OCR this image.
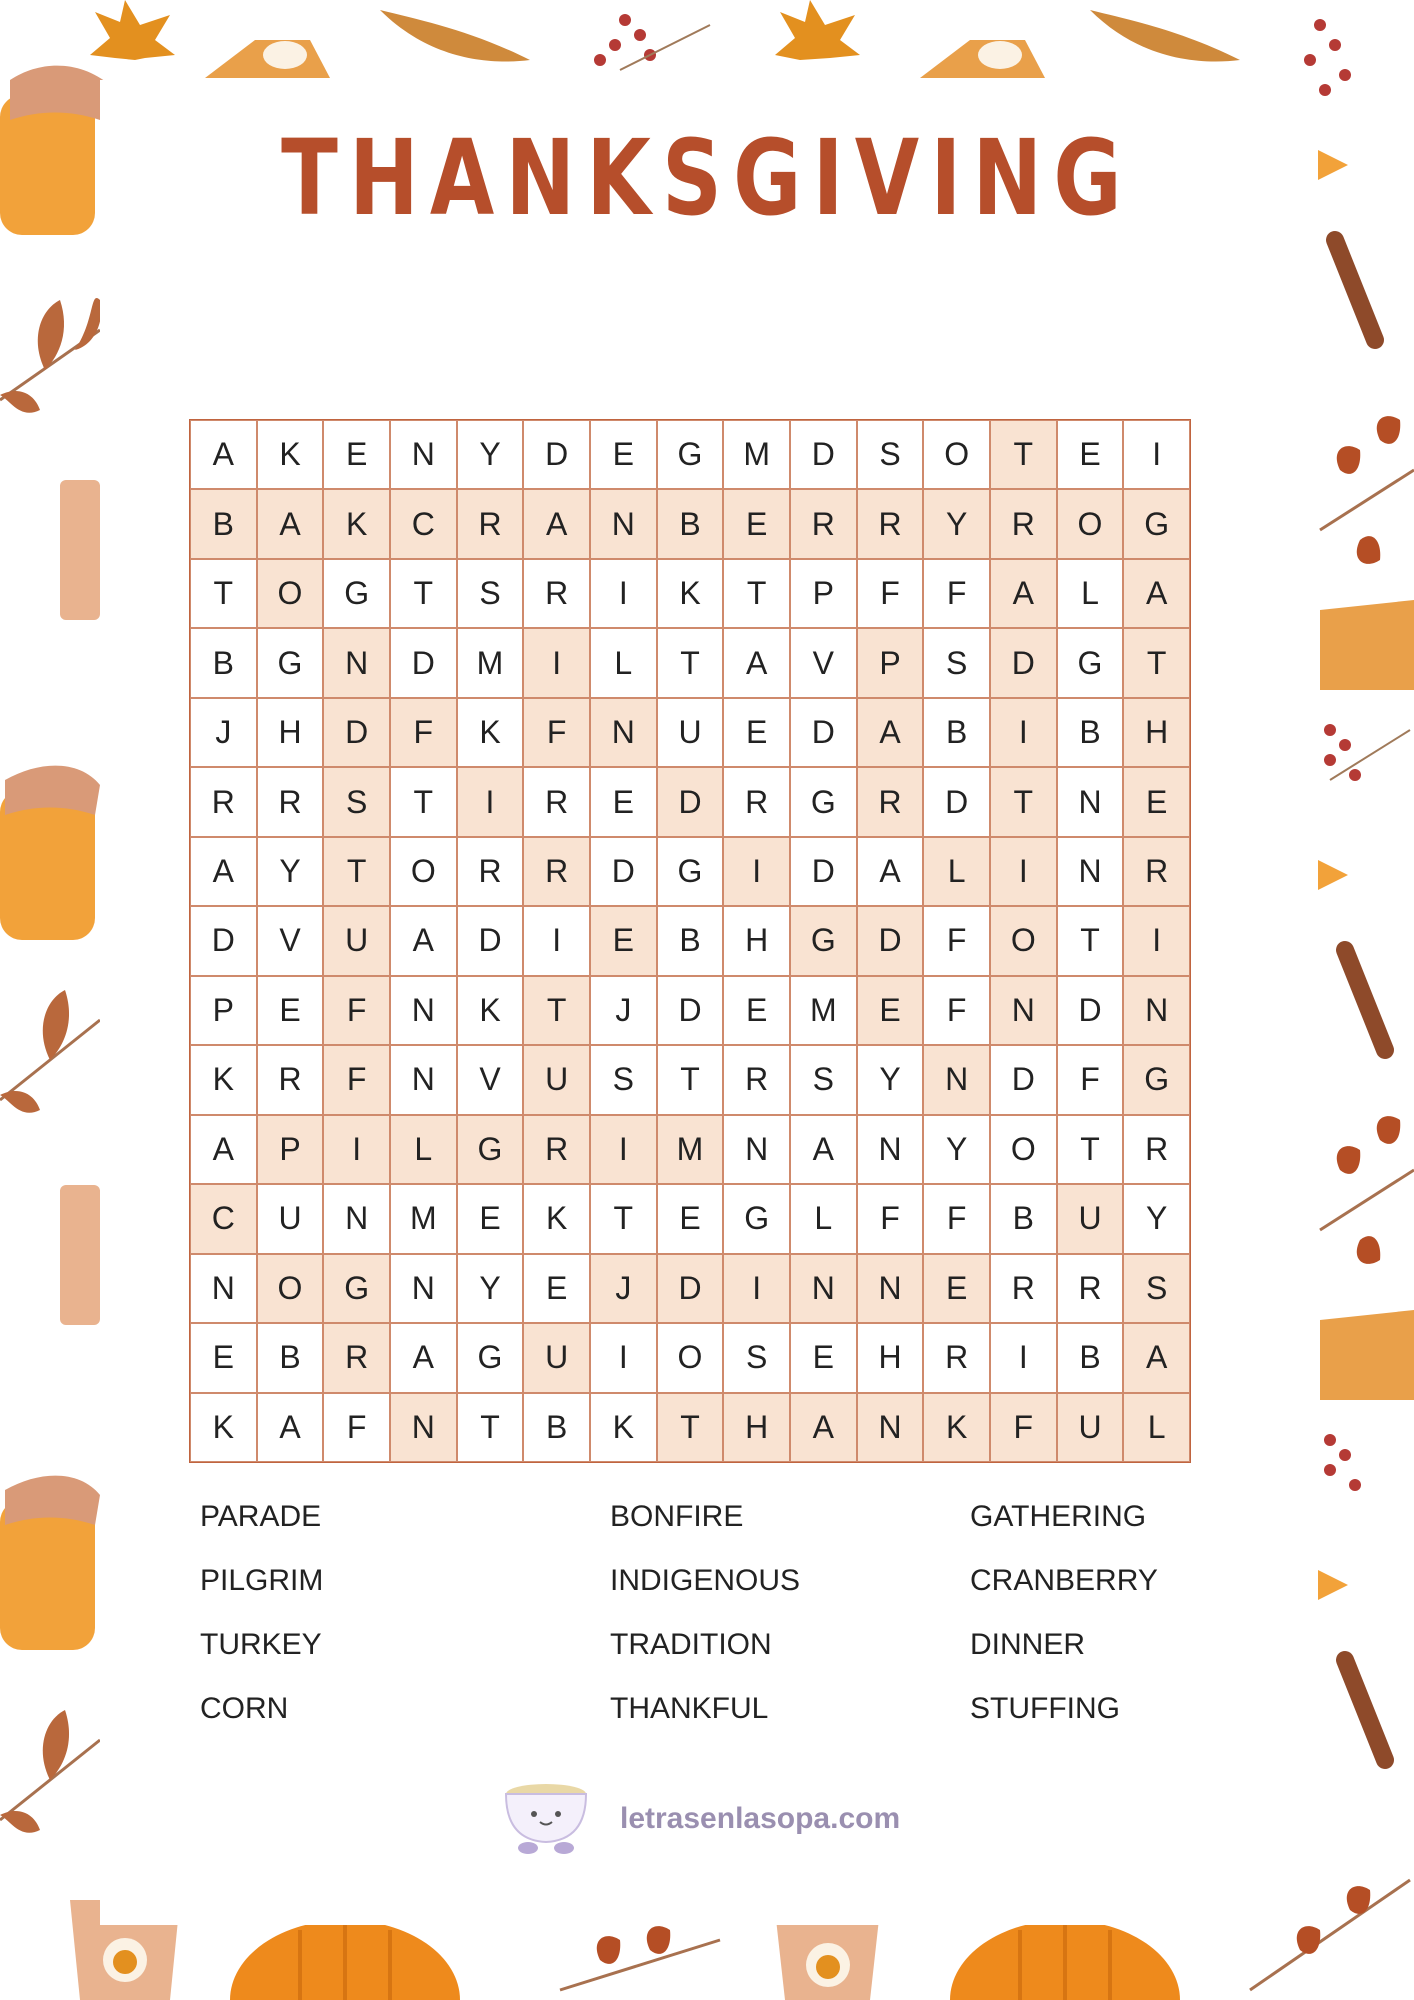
THANKSGIVING
A	K	E	N	Y	D	E	G	M	D	S	O	T	E	I
B	A	K	C	R	A	N	B	E	R	R	Y	R	O	G
T	O	G	T	S	R	I	K	T	P	F	F	A	L	A
B	G	N	D	M	I	L	T	A	V	P	S	D	G	T
J	H	D	F	K	F	N	U	E	D	A	B	I	B	H
R	R	S	T	I	R	E	D	R	G	R	D	T	N	E
A	Y	T	O	R	R	D	G	I	D	A	L	I	N	R
D	V	U	A	D	I	E	B	H	G	D	F	O	T	I
P	E	F	N	K	T	J	D	E	M	E	F	N	D	N
K	R	F	N	V	U	S	T	R	S	Y	N	D	F	G
A	P	I	L	G	R	I	M	N	A	N	Y	O	T	R
C	U	N	M	E	K	T	E	G	L	F	F	B	U	Y
N	O	G	N	Y	E	J	D	I	N	N	E	R	R	S
E	B	R	A	G	U	I	O	S	E	H	R	I	B	A
K	A	F	N	T	B	K	T	H	A	N	K	F	U	L
PARADE
PILGRIM
TURKEY
CORN
BONFIRE
INDIGENOUS
TRADITION
THANKFUL
GATHERING
CRANBERRY
DINNER
STUFFING
letrasenlasopa.com
